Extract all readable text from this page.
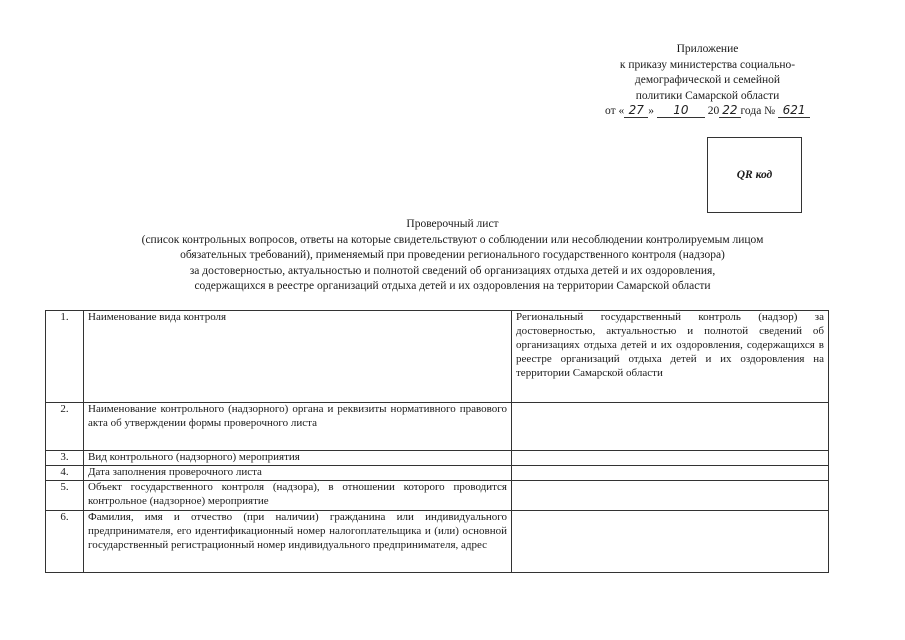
Приложение
к приказу министерства социально-
демографической и семейной
политики Самарской области
от « 27 » 10 20 22 года № 621
QR код
Проверочный лист
(список контрольных вопросов, ответы на которые свидетельствуют о соблюдении или несоблюдении контролируемым лицом
обязательных требований), применяемый при проведении регионального государственного контроля (надзора)
за достоверностью, актуальностью и полнотой сведений об организациях отдыха детей и их оздоровления,
содержащихся в реестре организаций отдыха детей и их оздоровления на территории Самарской области
1.	Наименование вида контроля	Региональный государственный контроль (надзор) за достоверностью, актуальностью и полнотой сведений об организациях отдыха детей и их оздоровления, содержащихся в реестре организаций отдыха детей и их оздоровления на территории Самарской области
2.	Наименование контрольного (надзорного) органа и реквизиты нормативного правового акта об утверждении формы проверочного листа	
3.	Вид контрольного (надзорного) мероприятия	
4.	Дата заполнения проверочного листа	
5.	Объект государственного контроля (надзора), в отношении которого проводится контрольное (надзорное) мероприятие	
6.	Фамилия, имя и отчество (при наличии) гражданина или индивидуального предпринимателя, его идентификационный номер налогоплательщика и (или) основной государственный регистрационный номер индивидуального предпринимателя, адрес	
